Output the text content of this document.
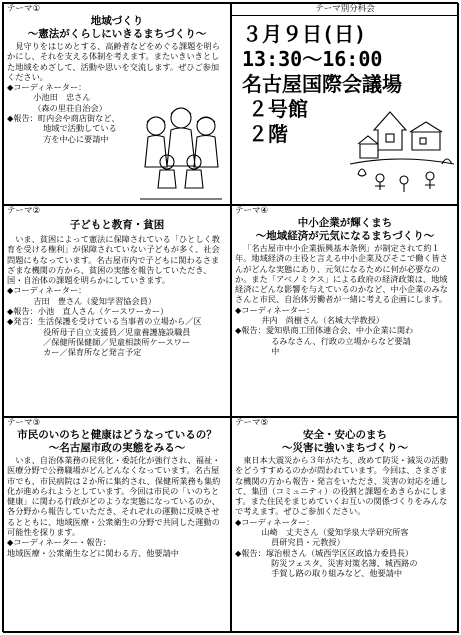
テーマ①
地域づくり
～憲法がくらしにいきるまちづくり～

見守りをはじめとする、高齢者などをめぐる課題を明らかにし、それを支える体制を考えます。またいきいきとした地域をめざして、活動や思いを交流します。ぜひご参加ください。

◆コーディネーター：
小池田　忠さん
（森の里荘自治会）
◆報告：町内会や商店街など、
地域で活動している
方を中心に要請中
テーマ別分科会
３月９日(日)
13:30～16:00
名古屋国際会議場
２号館
２階
テーマ②
子どもと教育・貧困

いま、貧困によって憲法に保障されている「ひとしく教育を受ける権利」が保障されていない子どもが多く、社会問題にもなっています。名古屋市内で子どもに関わるさまざまな機関の方から、貧困の実態を報告していただき、国・自治体の課題を明らかにしていきます。

◆コーディネーター：
吉田　豊さん（愛知学習協会員）
◆報告：小池　直人さん（ケースワーカー）
◆発言：生活保護を受けている当事者の立場から／区
役所母子自立支援員／児童養護施設職員
／保健所保健師／児童相談所ケースワー
カー／保育所など発言予定
テーマ④
中小企業が輝くまち
～地域経済が元気になるまちづくり～

「名古屋市中小企業振興基本条例」が制定されて約１年。地域経済の主役と言える中小企業及びそこで働く皆さんがどんな実態にあり、元気になるために何が必要なのか。また「アベノミクス」による政府の経済政策は、地域経済にどんな影響を与えているのかなど、中小企業のみなさんと市民、自治体労働者が一緒に考える企画にします。

◆コーディネーター：
井内　尚樹さん（名城大学教授）
◆報告：愛知県商工団体連合会、中小企業に関わ
るみなさん、行政の立場からなど要請
中
テーマ③
市民のいのちと健康はどうなっているの？
～名古屋市政の実態をみる～

いま、自治体業務の民営化・委託化が強行され、福祉・医療分野で公務職場がどんどんなくなっています。名古屋市でも、市民病院は２か所に集約され、保健所業務も集約化が進められようとしています。今回は市民の「いのちと健康」に関わる行政がどのような実態になっているのか、各分野から報告していただき、それぞれの運動に反映させるとともに、地域医療・公衆衛生の分野で共同した運動の可能性を探ります。

◆コーディネーター・報告：
地域医療・公衆衛生などに関わる方、他要請中
テーマ⑤
安全・安心のまち
～災害に強いまちづくり～

東日本大震災から３年がたち、改めて防災・減災の活動をどうすすめるのかが問われています。今回は、さまざまな機関の方から報告・発言をいただき、災害の対応を通して、集団（コミュニティ）の役割と課題をあきらかにします。また住民をまじめていくお互いの関係づくりをみんなで考えます。ぜひご参加ください。

◆コーディネーター：
山崎　丈夫さん（愛知学泉大学研究所客
員研究員・元教授）
◆報告：塚治根さん（城西学区区政協力委員長）
防災フェスタ、災害対策名簿、城西路の
手賀し路の取り組みなど、他要請中
